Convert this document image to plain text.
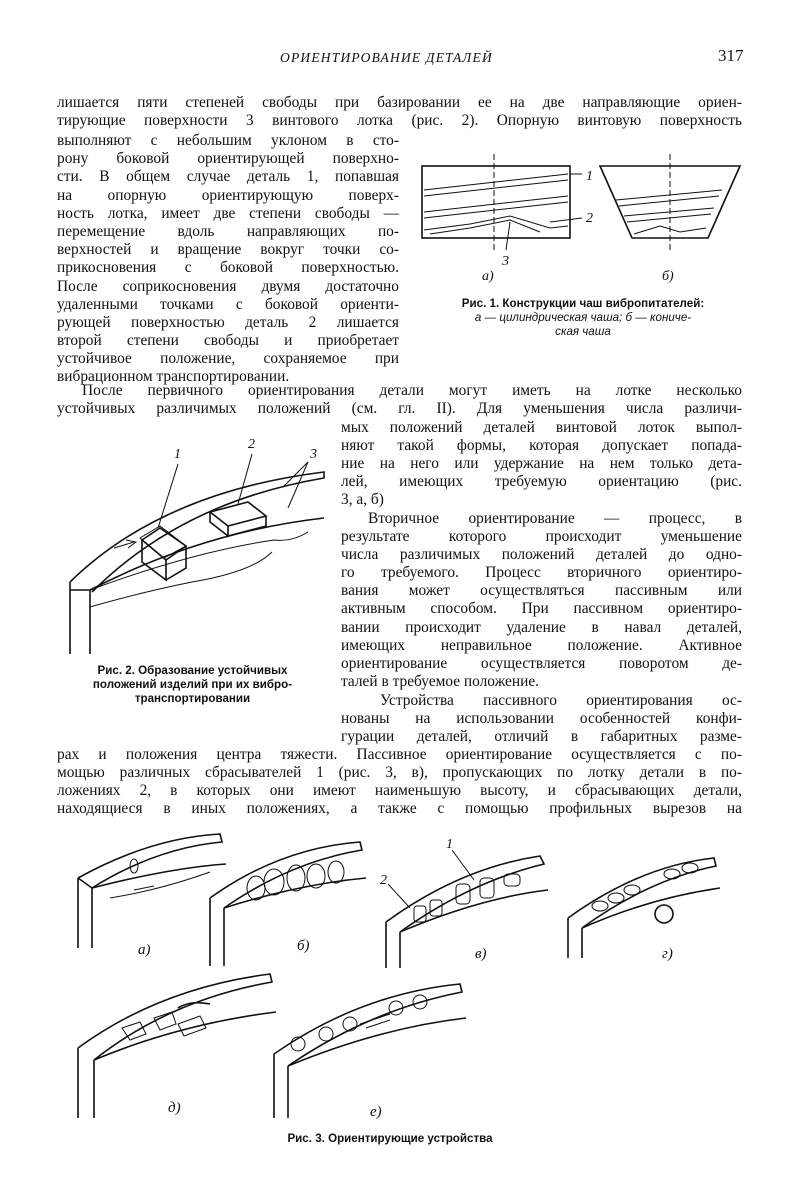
ОРИЕНТИРОВАНИЕ ДЕТАЛЕЙ	317
лишается пяти степеней свободы при базировании ее на две направляющие ориен-
тирующие поверхности 3 винтового лотка (рис. 2). Опорную винтовую поверхность
выполняют с небольшим уклоном в сто-
рону боковой ориентирующей поверхно-
сти. В общем случае деталь 1, попавшая
на опорную ориентирующую поверх-
ность лотка, имеет две степени свободы —
перемещение вдоль направляющих по-
верхностей и вращение вокруг точки со-
прикосновения с боковой поверхностью.
После соприкосновения двумя достаточно
удаленными точками с боковой ориенти-
рующей поверхностью деталь 2 лишается
второй степени свободы и приобретает
устойчивое положение, сохраняемое при
вибрационном транспортировании.
1
2
3
а)	б)
Рис. 1. Конструкции чаш вибропитателей:
а — цилиндрическая чаша; б — кониче-
ская чаша
После первичного ориентирования детали могут иметь на лотке несколько
устойчивых различимых положений (см. гл. II). Для уменьшения числа различи-
мых положений деталей винтовой лоток выпол-
няют такой формы, которая допускает попада-
ние на него или удержание на нем только дета-
лей, имеющих требуемую ориентацию (рис.
3, а, б)
Вторичное ориентирование — процесс, в
результате которого происходит уменьшение
числа различимых положений деталей до одно-
го требуемого. Процесс вторичного ориентиро-
вания может осуществляться пассивным или
активным способом. При пассивном ориентиро-
вании происходит удаление в навал деталей,
имеющих неправильное положение. Активное
ориентирование осуществляется поворотом де-
талей в требуемое положение.
Устройства пассивного ориентирования ос-
нованы на использовании особенностей конфи-
гурации деталей, отличий в габаритных разме-
1
2
3
Рис. 2. Образование устойчивых
положений изделий при их вибро-
транспортировании
рах и положения центра тяжести. Пассивное ориентирование осуществляется с по-
мощью различных сбрасывателей 1 (рис. 3, в), пропускающих по лотку детали в по-
ложениях 2, в которых они имеют наименьшую высоту, и сбрасывающих детали,
находящиеся в иных положениях, а также с помощью профильных вырезов на
1
2
а)	б)	в)	г)
д)	е)
Рис. 3. Ориентирующие устройства
